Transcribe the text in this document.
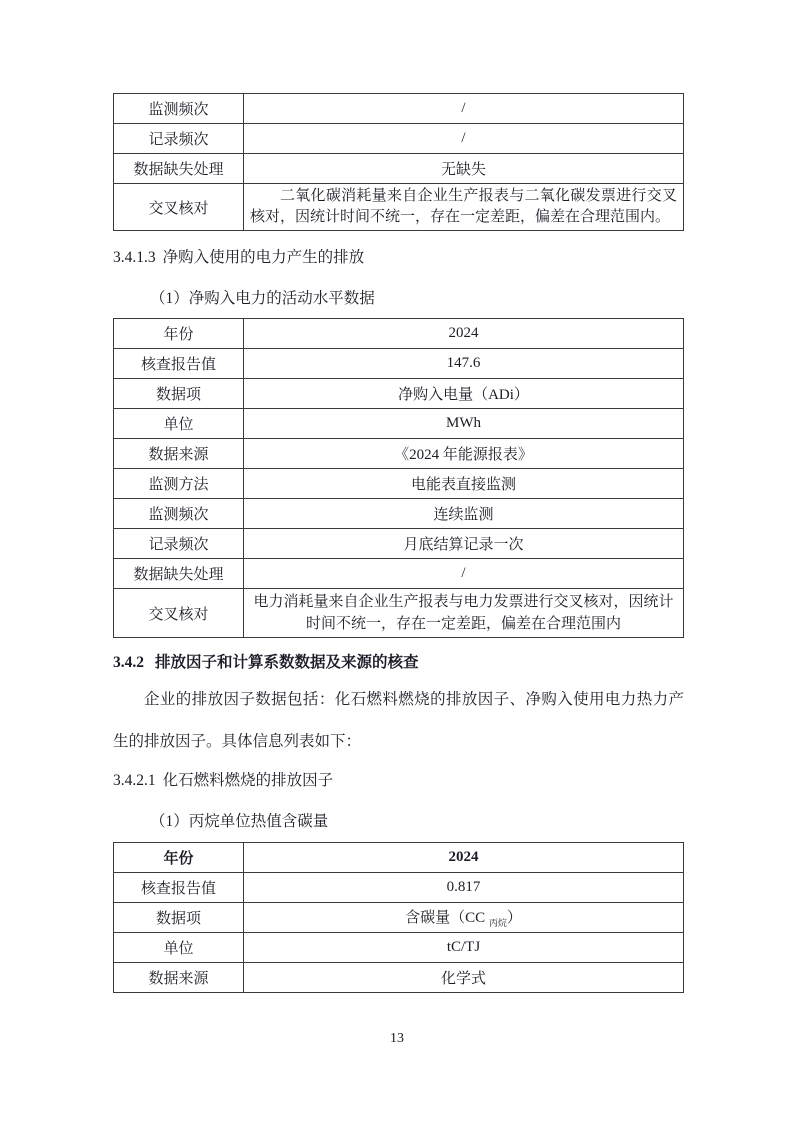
监测频次	/
记录频次	/
数据缺失处理	无缺失
交叉核对	二氧化碳消耗量来自企业生产报表与二氧化碳发票进行交叉核对，因统计时间不统一，存在一定差距，偏差在合理范围内。
3.4.1.3 净购入使用的电力产生的排放
（1）净购入电力的活动水平数据
年份	2024
核查报告值	147.6
数据项	净购入电量（ADi）
单位	MWh
数据来源	《2024 年能源报表》
监测方法	电能表直接监测
监测频次	连续监测
记录频次	月底结算记录一次
数据缺失处理	/
交叉核对	电力消耗量来自企业生产报表与电力发票进行交叉核对，因统计时间不统一，存在一定差距，偏差在合理范围内
3.4.2 排放因子和计算系数数据及来源的核查

企业的排放因子数据包括：化石燃料燃烧的排放因子、净购入使用电力热力产生的排放因子。具体信息列表如下：

3.4.2.1 化石燃料燃烧的排放因子
（1）丙烷单位热值含碳量
年份	2024
核查报告值	0.817
数据项	含碳量（CC $_{丙烷}$）
单位	tC/TJ
数据来源	化学式
13
